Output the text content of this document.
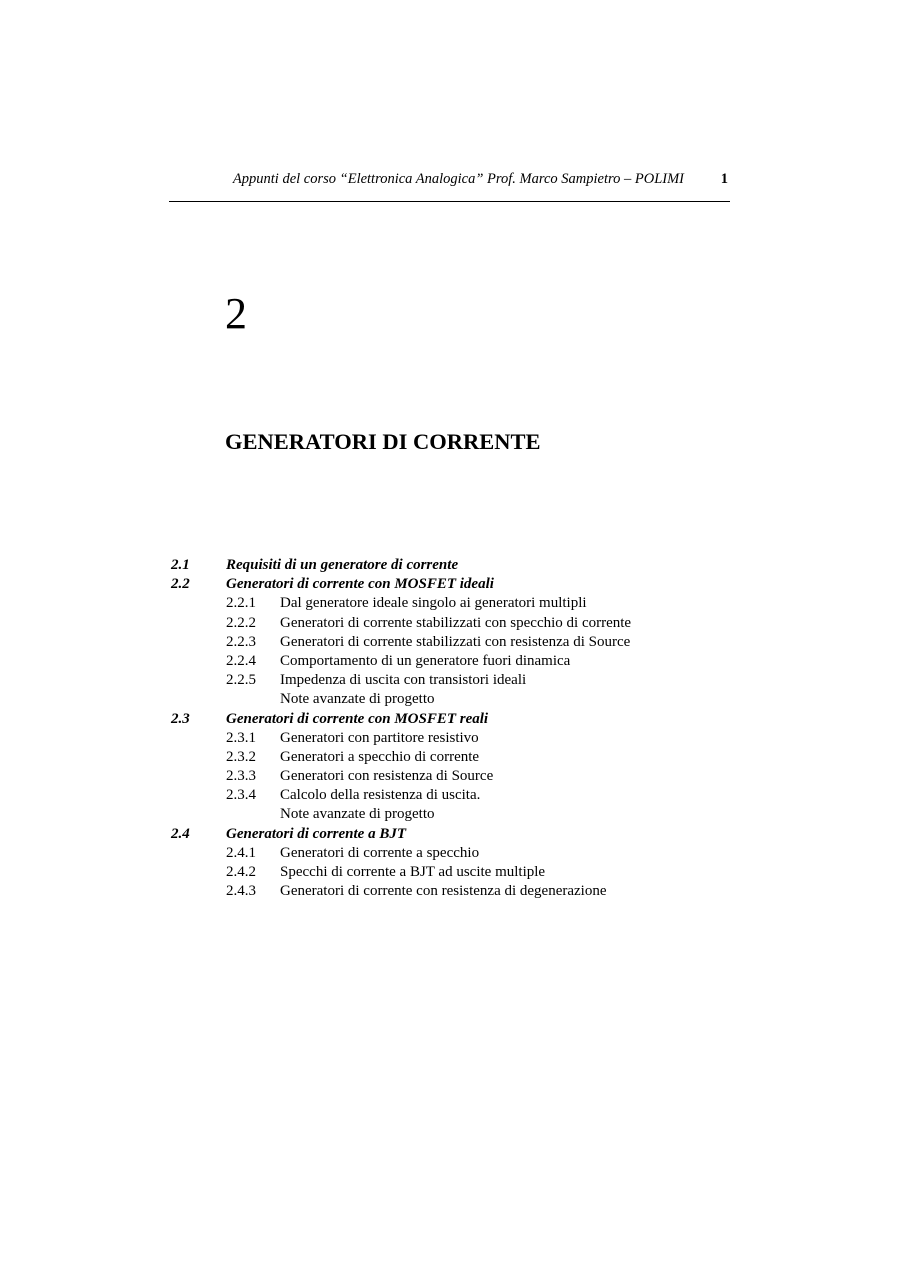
Appunti del corso “Elettronica Analogica” Prof. Marco Sampietro – POLIMI	1
2
GENERATORI DI CORRENTE
2.1 Requisiti di un generatore di corrente
2.2 Generatori di corrente con MOSFET ideali
2.2.1 Dal generatore ideale singolo ai generatori multipli
2.2.2 Generatori di corrente stabilizzati con specchio di corrente
2.2.3 Generatori di corrente stabilizzati con resistenza di Source
2.2.4 Comportamento di un generatore fuori dinamica
2.2.5 Impedenza di uscita con transistori ideali
Note avanzate di progetto
2.3 Generatori di corrente con MOSFET reali
2.3.1 Generatori con partitore resistivo
2.3.2 Generatori a specchio di corrente
2.3.3 Generatori con resistenza di Source
2.3.4 Calcolo della resistenza di uscita.
Note avanzate di progetto
2.4 Generatori di corrente a BJT
2.4.1 Generatori di corrente a specchio
2.4.2 Specchi di corrente a BJT ad uscite multiple
2.4.3 Generatori di corrente con resistenza di degenerazione
